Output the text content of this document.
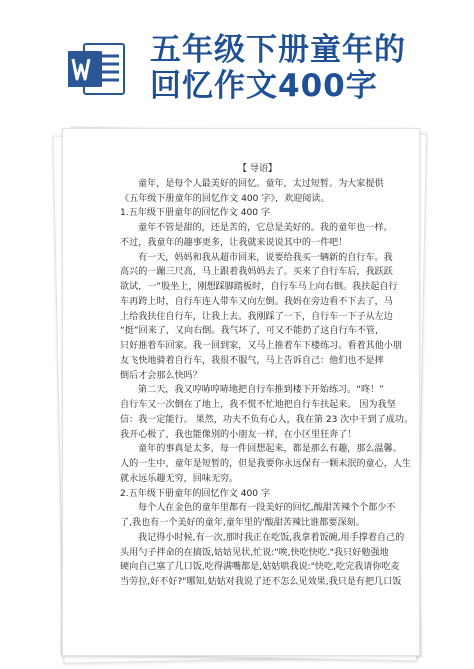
五年级下册童年的
回忆作文400字

【 导语】

童年，是每个人最美好的回忆。童年，太过短暂。为大家提供

《五年级下册童年的回忆作文 400 字》，欢迎阅读。

1.五年级下册童年的回忆作文 400 字

童年不管是甜的，还是苦的，它总是美好的。我的童年也一样。

不过，我童年的趣事更多，让我就来说说其中的一件吧！

有一天，妈妈和我从超市回来，说要给我买一辆新的自行车。我

高兴的一蹦三尺高，马上跟着我妈妈去了。买来了自行车后，我跃跃

欲试，一”股坐上，刚想踩脚踏板时，自行车马上向右倒。我扶起自行

车再跨上时，自行车连人带车又向左倒。我妈在旁边看不下去了，马

上给我扶住自行车，让我上去。我刚踩了一下，自行车一下子从左边

“挺”回来了，又向右倒。我气坏了，可又不能扔了这自行车不管，

只好推着车回家。我一回到家，又马上推着车下楼练习。看着其他小朋

友飞快地骑着自行车，我很不服气，马上告诉自己：他们也不是摔

倒后才会那么快吗？

第二天，我又哼哧哼哧地把自行车推到楼下开始练习。“咚！”

自行车又一次倒在了地上，我不慌不忙地把自行车扶起来。 因为我坚

信：我一定能行。 果然，功夫不负有心人，我在第 23 次中干到了成功。

我开心极了，我也能像别的小朋友一样，在小区里狂奔了！

童年的事真是太多，每一件回想起来，都是那么有趣，那么温馨。

人的一生中，童年是短暂的，但是我要你永远保有一颗未泯的童心，人生

就永远乐趣无穷，回味无穷。

2.五年级下册童年的回忆作文 400 字

每个人在金色的童年里都有一段美好的回忆,酸甜苦辣个个都少不

了,我也有一个美好的童年,童年里的'酸甜苦辣比谁都要深刻。

我记得小时候,有一次,那时我正在吃饭,我拿着饭碗,用手撑着自己的

头用勺子拌命的在搞饭,姑姑见状,忙说:"唉,快吃快吃."我只好勉强地

硬向自己塞了几口饭,吃得满嘴都是,姑姑哄我说:"快吃,吃完我请你吃麦

当劳拉,好不好?"哪知,姑姑对我说了还不怎么见效果,我只是有把几口饭
